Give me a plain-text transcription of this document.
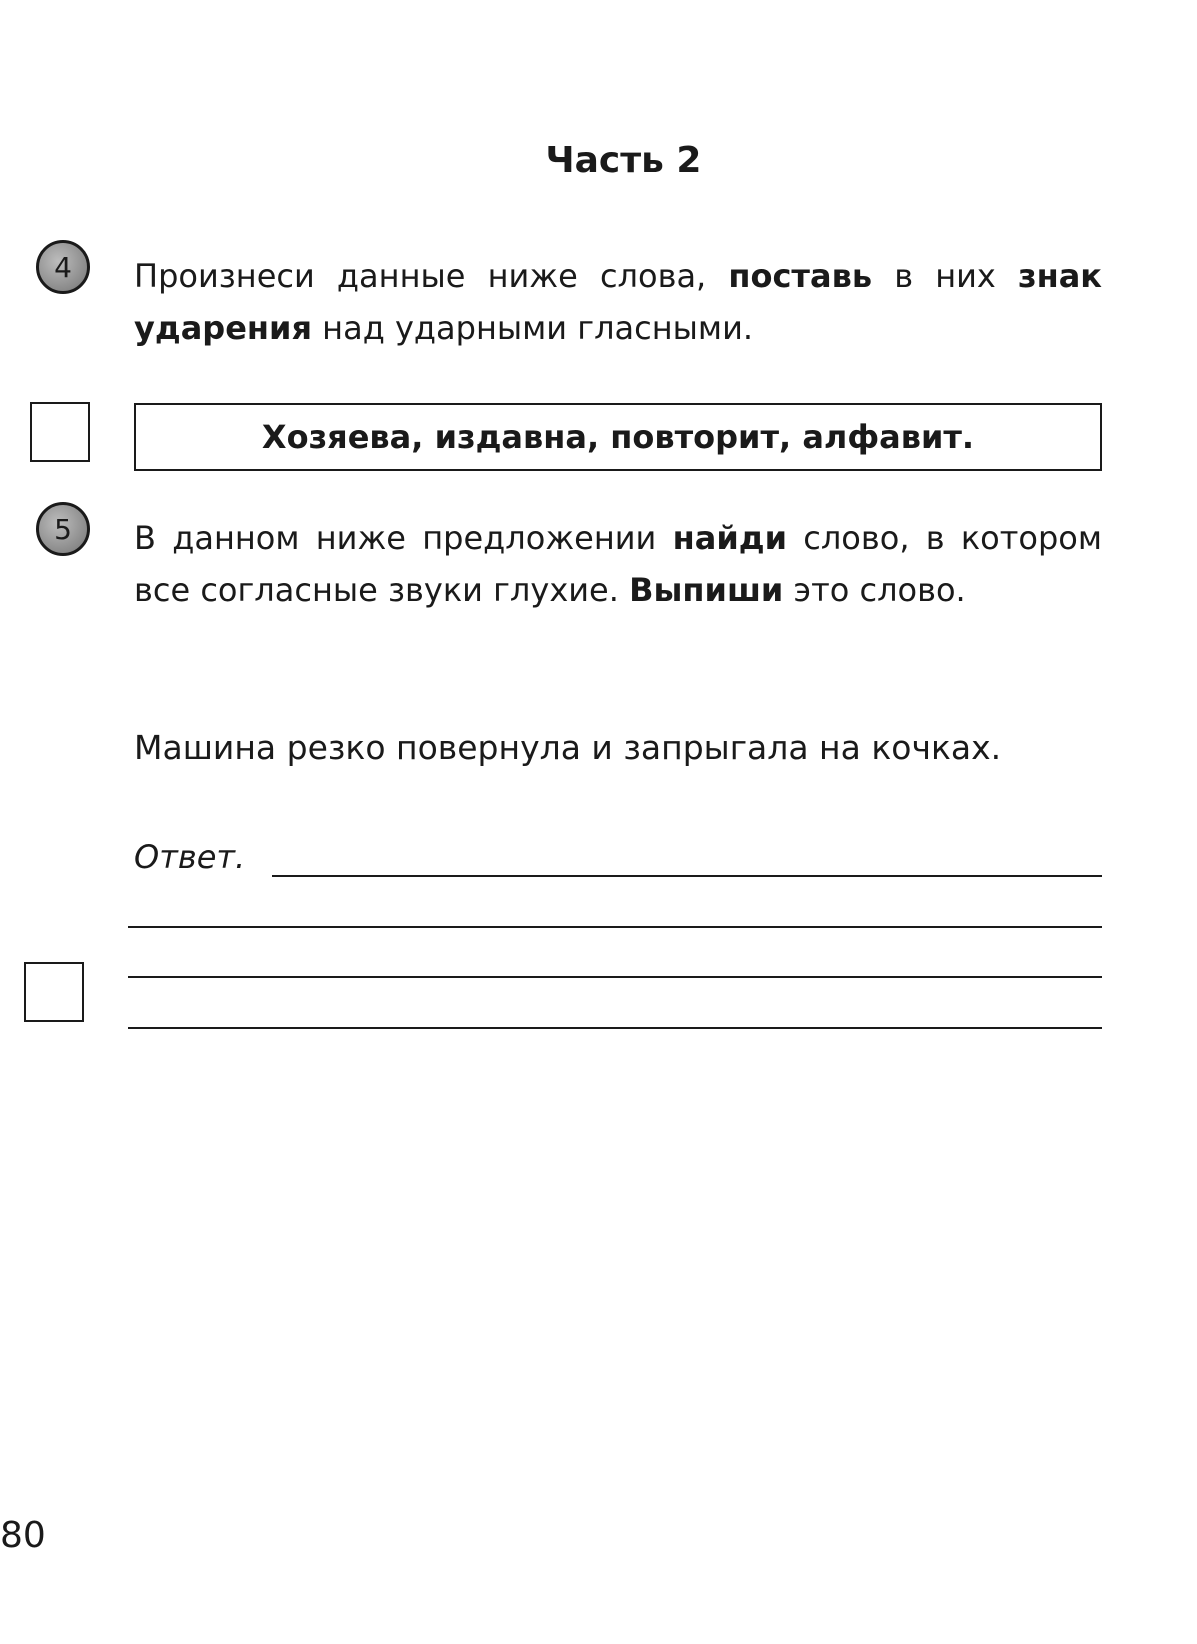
Часть 2
4	Произнеси данные ниже слова, поставь в них знак ударения над ударными гласными.
Хозяева, издавна, повторит, алфавит.
5	В данном ниже предложении найди слово, в котором все согласные звуки глухие. Выпиши это слово.
Машина резко повернула и запрыгала на кочках.
Ответ.
80
